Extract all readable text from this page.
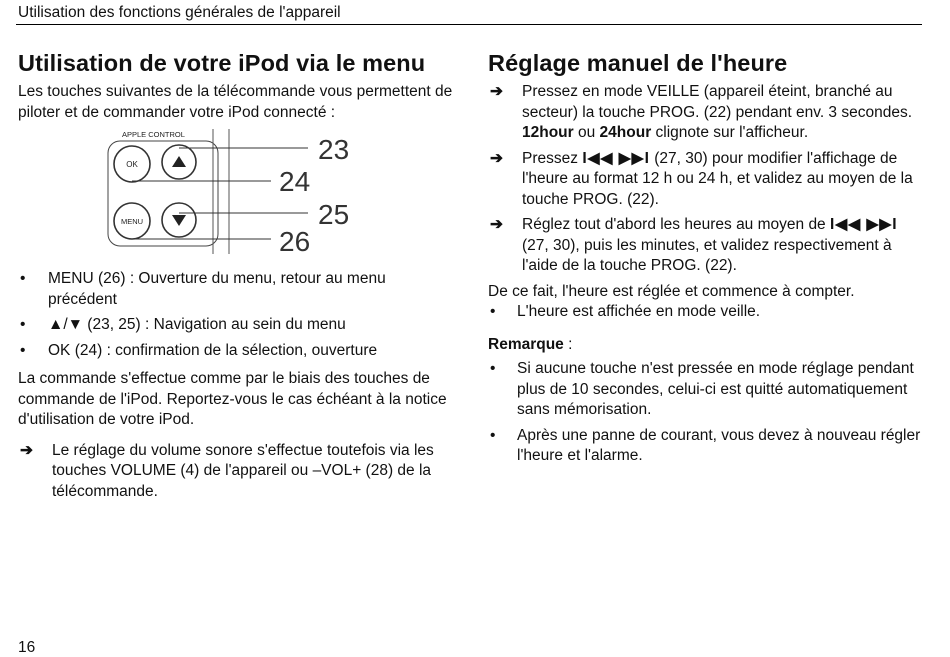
Utilisation des fonctions générales de l'appareil
Utilisation de votre iPod via le menu

Les touches suivantes de la télécommande vous permettent de piloter et de commander votre iPod connecté :

APPLE CONTROL
OK
MENU
23
24
25
26
• MENU (26) : Ouverture du menu, retour au menu précédent
• ▲/▼ (23, 25) : Navigation au sein du menu
• OK (24) : confirmation de la sélection, ouverture

La commande s'effectue comme par le biais des touches de commande de l'iPod. Reportez-vous le cas échéant à la notice d'utilisation de votre iPod.

➔ Le réglage du volume sonore s'effectue toutefois via les touches VOLUME (4) de l'appareil ou –VOL+ (28) de la télécommande.
Réglage manuel de l'heure
➔ Pressez en mode VEILLE (appareil éteint, branché au secteur) la touche PROG. (22) pendant env. 3 secondes. 12hour ou 24hour clignote sur l'afficheur.
➔ Pressez I◀◀ ▶▶I (27, 30) pour modifier l'affichage de l'heure au format 12 h ou 24 h, et validez au moyen de la touche PROG. (22).
➔ Réglez tout d'abord les heures au moyen de I◀◀ ▶▶I (27, 30), puis les minutes, et validez respectivement à l'aide de la touche PROG. (22).

De ce fait, l'heure est réglée et commence à compter.

• L'heure est affichée en mode veille.

Remarque :

• Si aucune touche n'est pressée en mode réglage pendant plus de 10 secondes, celui-ci est quitté automatiquement sans mémorisation.
• Après une panne de courant, vous devez à nouveau régler l'heure et l'alarme.
16
